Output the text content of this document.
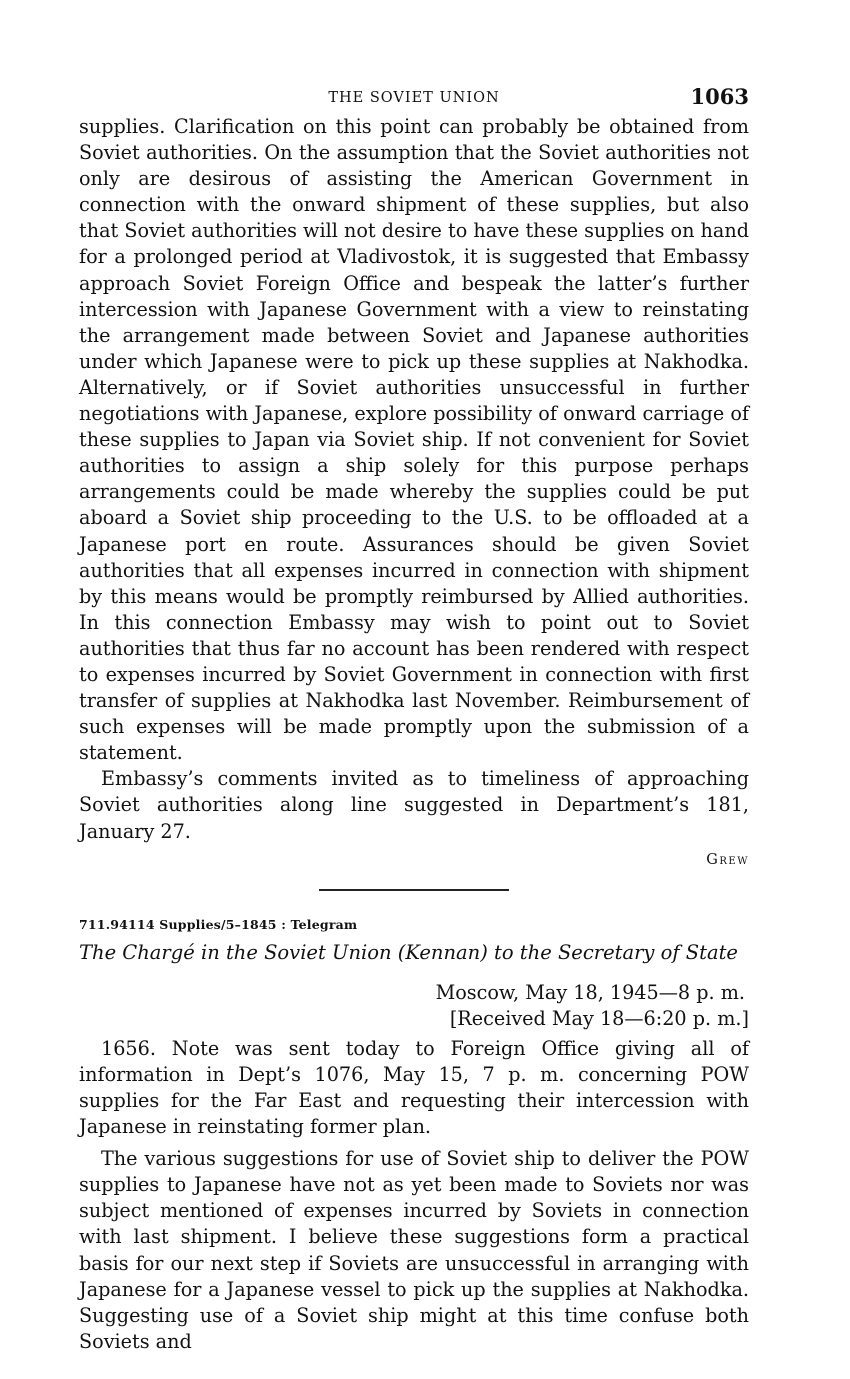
THE SOVIET UNION	1063

supplies. Clarification on this point can probably be obtained from Soviet authorities. On the assumption that the Soviet authorities not only are desirous of assisting the American Government in connection with the onward shipment of these supplies, but also that Soviet authorities will not desire to have these supplies on hand for a prolonged period at Vladivostok, it is suggested that Embassy approach Soviet Foreign Office and bespeak the latter’s further intercession with Japanese Government with a view to reinstating the arrangement made between Soviet and Japanese authorities under which Japanese were to pick up these supplies at Nakhodka. Alternatively, or if Soviet authorities unsuccessful in further negotiations with Japanese, explore possibility of onward carriage of these supplies to Japan via Soviet ship. If not convenient for Soviet authorities to assign a ship solely for this purpose perhaps arrangements could be made whereby the supplies could be put aboard a Soviet ship proceeding to the U.S. to be offloaded at a Japanese port en route. Assurances should be given Soviet authorities that all expenses incurred in connection with shipment by this means would be promptly reimbursed by Allied authorities. In this connection Embassy may wish to point out to Soviet authorities that thus far no account has been rendered with respect to expenses incurred by Soviet Government in connection with first transfer of supplies at Nakhodka last November. Reimbursement of such expenses will be made promptly upon the submission of a statement.

Embassy’s comments invited as to timeliness of approaching Soviet authorities along line suggested in Department’s 181, January 27.

Grew
711.94114 Supplies/5–1845 : Telegram
The Chargé in the Soviet Union (Kennan) to the Secretary of State
Moscow, May 18, 1945—8 p. m.
[Received May 18—6:20 p. m.]

1656. Note was sent today to Foreign Office giving all of information in Dept’s 1076, May 15, 7 p. m. concerning POW supplies for the Far East and requesting their intercession with Japanese in reinstating former plan.

The various suggestions for use of Soviet ship to deliver the POW supplies to Japanese have not as yet been made to Soviets nor was subject mentioned of expenses incurred by Soviets in connection with last shipment. I believe these suggestions form a practical basis for our next step if Soviets are unsuccessful in arranging with Japanese for a Japanese vessel to pick up the supplies at Nakhodka. Suggesting use of a Soviet ship might at this time confuse both Soviets and
